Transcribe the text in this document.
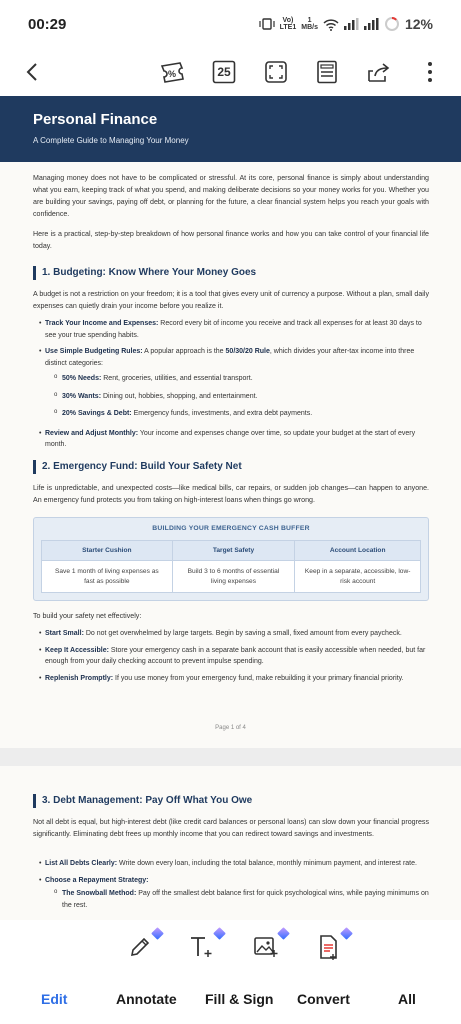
00:29	Vo)
LTE1
1
MB/s	12%
%	25
Personal Finance
A Complete Guide to Managing Your Money
Managing money does not have to be complicated or stressful. At its core, personal finance is simply about understanding what you earn, keeping track of what you spend, and making deliberate decisions so your money works for you. Whether you are building your savings, paying off debt, or planning for the future, a clear financial system helps you reach your goals with confidence.
Here is a practical, step-by-step breakdown of how personal finance works and how you can take control of your financial life today.
1. Budgeting: Know Where Your Money Goes
A budget is not a restriction on your freedom; it is a tool that gives every unit of currency a purpose. Without a plan, small daily expenses can quietly drain your income before you realize it.
• Track Your Income and Expenses: Record every bit of income you receive and track all expenses for at least 30 days to see your true spending habits.
• Use Simple Budgeting Rules: A popular approach is the 50/30/20 Rule, which divides your after-tax income into three distinct categories:
o 50% Needs: Rent, groceries, utilities, and essential transport.
o 30% Wants: Dining out, hobbies, shopping, and entertainment.
o 20% Savings & Debt: Emergency funds, investments, and extra debt payments.
• Review and Adjust Monthly: Your income and expenses change over time, so update your budget at the start of every month.
2. Emergency Fund: Build Your Safety Net
Life is unpredictable, and unexpected costs—like medical bills, car repairs, or sudden job changes—can happen to anyone. An emergency fund protects you from taking on high-interest loans when things go wrong.
BUILDING YOUR EMERGENCY CASH BUFFER
Starter Cushion	Target Safety	Account Location
Save 1 month of living expenses as fast as possible	Build 3 to 6 months of essential living expenses	Keep in a separate, accessible, low-risk account
To build your safety net effectively:
• Start Small: Do not get overwhelmed by large targets. Begin by saving a small, fixed amount from every paycheck.
• Keep It Accessible: Store your emergency cash in a separate bank account that is easily accessible when needed, but far enough from your daily checking account to prevent impulse spending.
• Replenish Promptly: If you use money from your emergency fund, make rebuilding it your primary financial priority.
Page 1 of 4
3. Debt Management: Pay Off What You Owe
Not all debt is equal, but high-interest debt (like credit card balances or personal loans) can slow down your financial progress significantly. Eliminating debt frees up monthly income that you can redirect toward savings and investments.
• List All Debts Clearly: Write down every loan, including the total balance, monthly minimum payment, and interest rate.
• Choose a Repayment Strategy:
o The Snowball Method: Pay off the smallest debt balance first for quick psychological wins, while paying minimums on the rest.
Edit	Annotate Fill & Sign Convert	All
